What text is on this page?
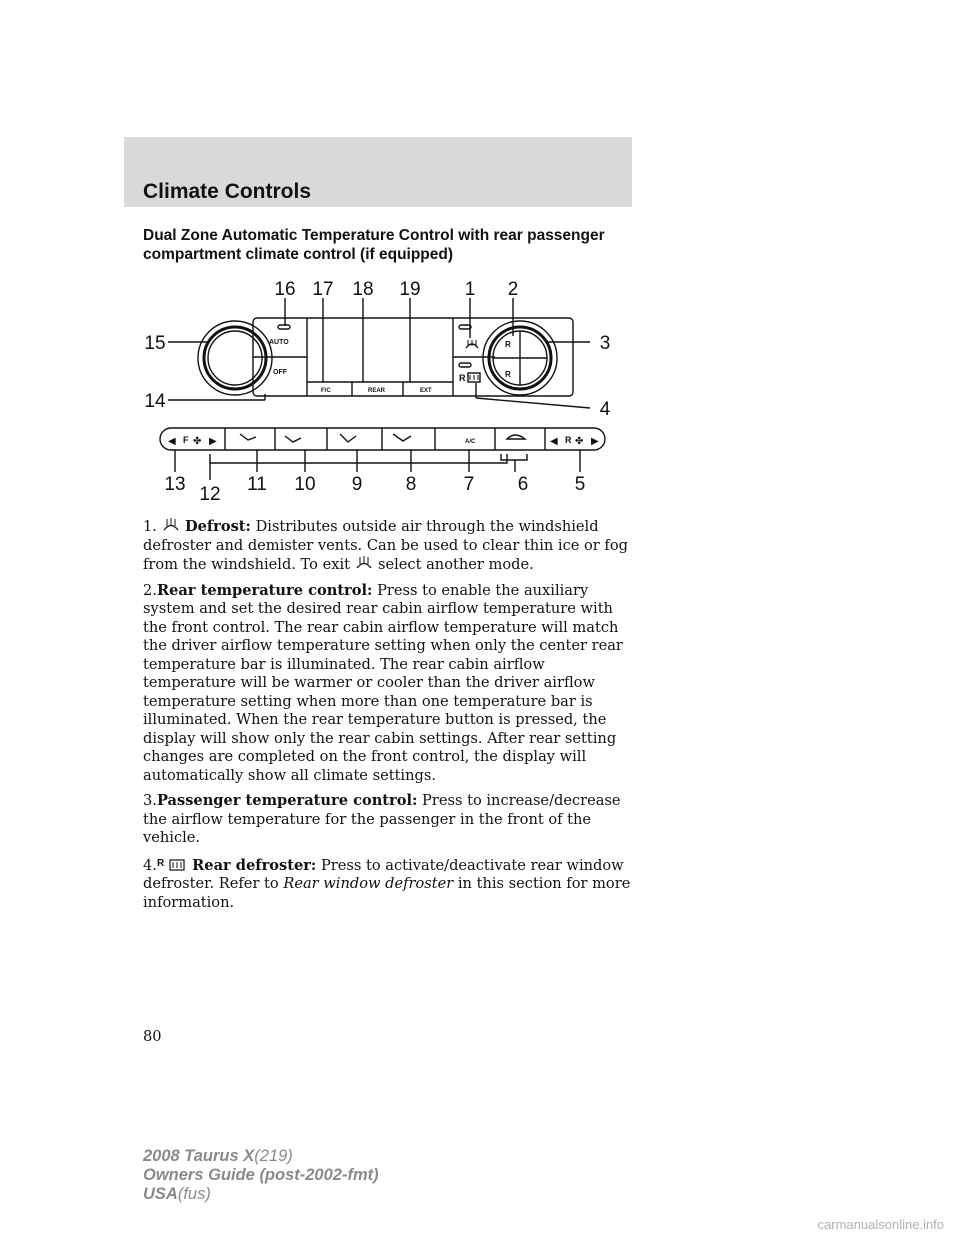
Climate Controls
Dual Zone Automatic Temperature Control with rear passenger compartment climate control (if equipped)
AUTO
OFF
F/C	REAR	EXT
A/C
F	R
R
R
R
◀	▶	◀	▶
✤	✤
16 17 18 19 1 2
15	3
14	4
13 12 11 10 9 8 7 6 5

1. Defrost: Distributes outside air through the windshield defroster and demister vents. Can be used to clear thin ice or fog from the windshield. To exit select another mode.

2.Rear temperature control: Press to enable the auxiliary system and set the desired rear cabin airflow temperature with the front control. The rear cabin airflow temperature will match the driver airflow temperature setting when only the center rear temperature bar is illuminated. The rear cabin airflow temperature will be warmer or cooler than the driver airflow temperature setting when more than one temperature bar is illuminated. When the rear temperature button is pressed, the display will show only the rear cabin settings. After rear setting changes are completed on the front control, the display will automatically show all climate settings.

3.Passenger temperature control: Press to increase/decrease the airflow temperature for the passenger in the front of the vehicle.

4.$^R$ Rear defroster: Press to activate/deactivate rear window defroster. Refer to Rear window defroster in this section for more information.

80
2008 Taurus X(219)
Owners Guide (post-2002-fmt)
USA(fus)
carmanualsonline.info
